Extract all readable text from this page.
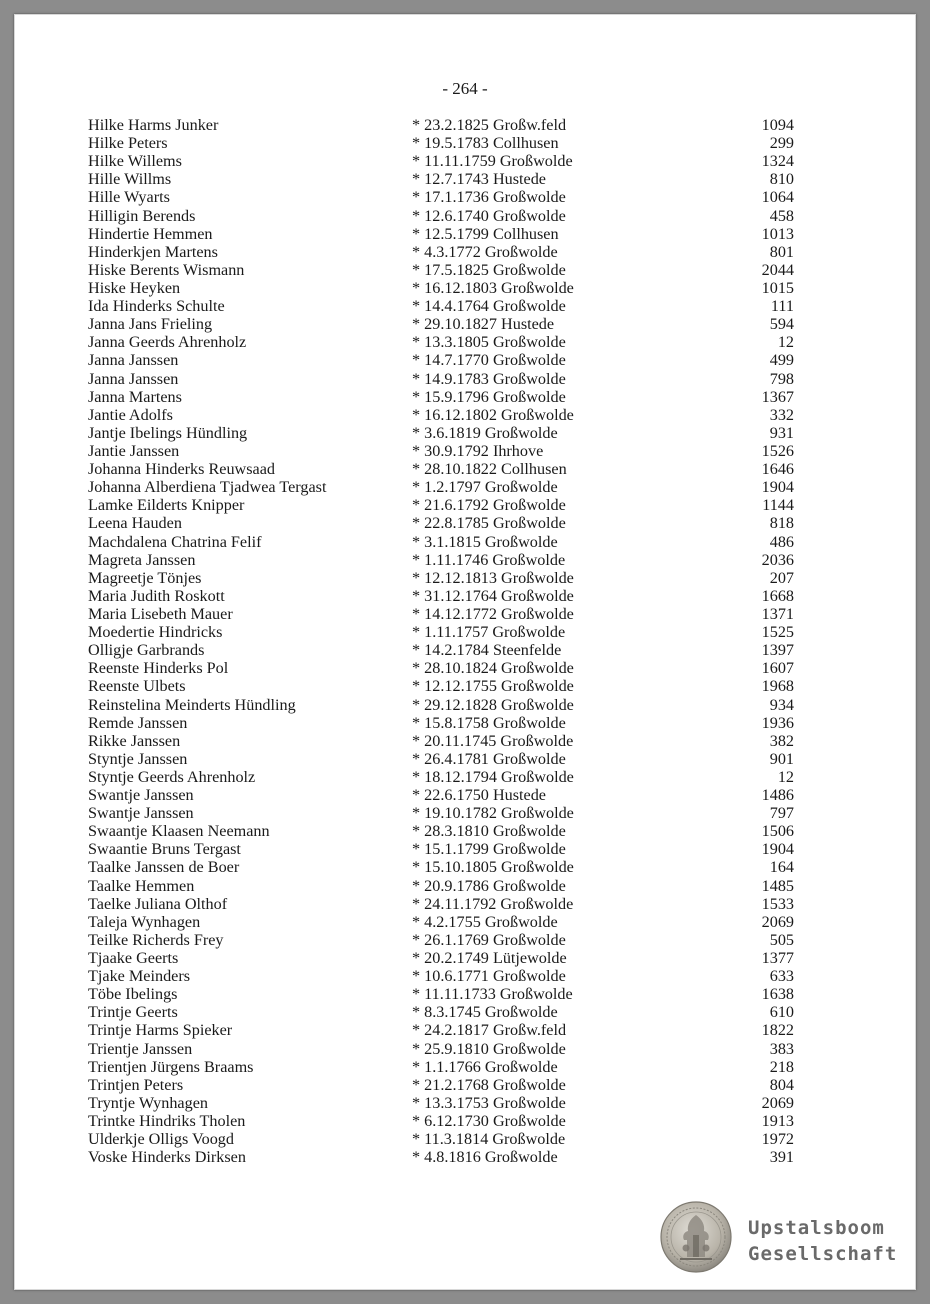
- 264 -
Hilke Harms Junker	* 23.2.1825 Großw.feld	1094
Hilke Peters	* 19.5.1783 Collhusen	299
Hilke Willems	* 11.11.1759 Großwolde	1324
Hille Willms	* 12.7.1743 Hustede	810
Hille Wyarts	* 17.1.1736 Großwolde	1064
Hilligin Berends	* 12.6.1740 Großwolde	458
Hindertie Hemmen	* 12.5.1799 Collhusen	1013
Hinderkjen Martens	* 4.3.1772 Großwolde	801
Hiske Berents Wismann	* 17.5.1825 Großwolde	2044
Hiske Heyken	* 16.12.1803 Großwolde	1015
Ida Hinderks Schulte	* 14.4.1764 Großwolde	111
Janna Jans Frieling	* 29.10.1827 Hustede	594
Janna Geerds Ahrenholz	* 13.3.1805 Großwolde	12
Janna Janssen	* 14.7.1770 Großwolde	499
Janna Janssen	* 14.9.1783 Großwolde	798
Janna Martens	* 15.9.1796 Großwolde	1367
Jantie Adolfs	* 16.12.1802 Großwolde	332
Jantje Ibelings Hündling	* 3.6.1819 Großwolde	931
Jantie Janssen	* 30.9.1792 Ihrhove	1526
Johanna Hinderks Reuwsaad	* 28.10.1822 Collhusen	1646
Johanna Alberdiena Tjadwea Tergast	* 1.2.1797 Großwolde	1904
Lamke Eilderts Knipper	* 21.6.1792 Großwolde	1144
Leena Hauden	* 22.8.1785 Großwolde	818
Machdalena Chatrina Felif	* 3.1.1815 Großwolde	486
Magreta Janssen	* 1.11.1746 Großwolde	2036
Magreetje Tönjes	* 12.12.1813 Großwolde	207
Maria Judith Roskott	* 31.12.1764 Großwolde	1668
Maria Lisebeth Mauer	* 14.12.1772 Großwolde	1371
Moedertie Hindricks	* 1.11.1757 Großwolde	1525
Olligje Garbrands	* 14.2.1784 Steenfelde	1397
Reenste Hinderks Pol	* 28.10.1824 Großwolde	1607
Reenste Ulbets	* 12.12.1755 Großwolde	1968
Reinstelina Meinderts Hündling	* 29.12.1828 Großwolde	934
Remde Janssen	* 15.8.1758 Großwolde	1936
Rikke Janssen	* 20.11.1745 Großwolde	382
Styntje Janssen	* 26.4.1781 Großwolde	901
Styntje Geerds Ahrenholz	* 18.12.1794 Großwolde	12
Swantje Janssen	* 22.6.1750 Hustede	1486
Swantje Janssen	* 19.10.1782 Großwolde	797
Swaantje Klaasen Neemann	* 28.3.1810 Großwolde	1506
Swaantie Bruns Tergast	* 15.1.1799 Großwolde	1904
Taalke Janssen de Boer	* 15.10.1805 Großwolde	164
Taalke Hemmen	* 20.9.1786 Großwolde	1485
Taelke Juliana Olthof	* 24.11.1792 Großwolde	1533
Taleja Wynhagen	* 4.2.1755 Großwolde	2069
Teilke Richerds Frey	* 26.1.1769 Großwolde	505
Tjaake Geerts	* 20.2.1749 Lütjewolde	1377
Tjake Meinders	* 10.6.1771 Großwolde	633
Töbe Ibelings	* 11.11.1733 Großwolde	1638
Trintje Geerts	* 8.3.1745 Großwolde	610
Trintje Harms Spieker	* 24.2.1817 Großw.feld	1822
Trientje Janssen	* 25.9.1810 Großwolde	383
Trientjen Jürgens Braams	* 1.1.1766 Großwolde	218
Trintjen Peters	* 21.2.1768 Großwolde	804
Tryntje Wynhagen	* 13.3.1753 Großwolde	2069
Trintke Hindriks Tholen	* 6.12.1730 Großwolde	1913
Ulderkje Olligs Voogd	* 11.3.1814 Großwolde	1972
Voske Hinderks Dirksen	* 4.8.1816 Großwolde	391
Upstalsboom
Gesellschaft
